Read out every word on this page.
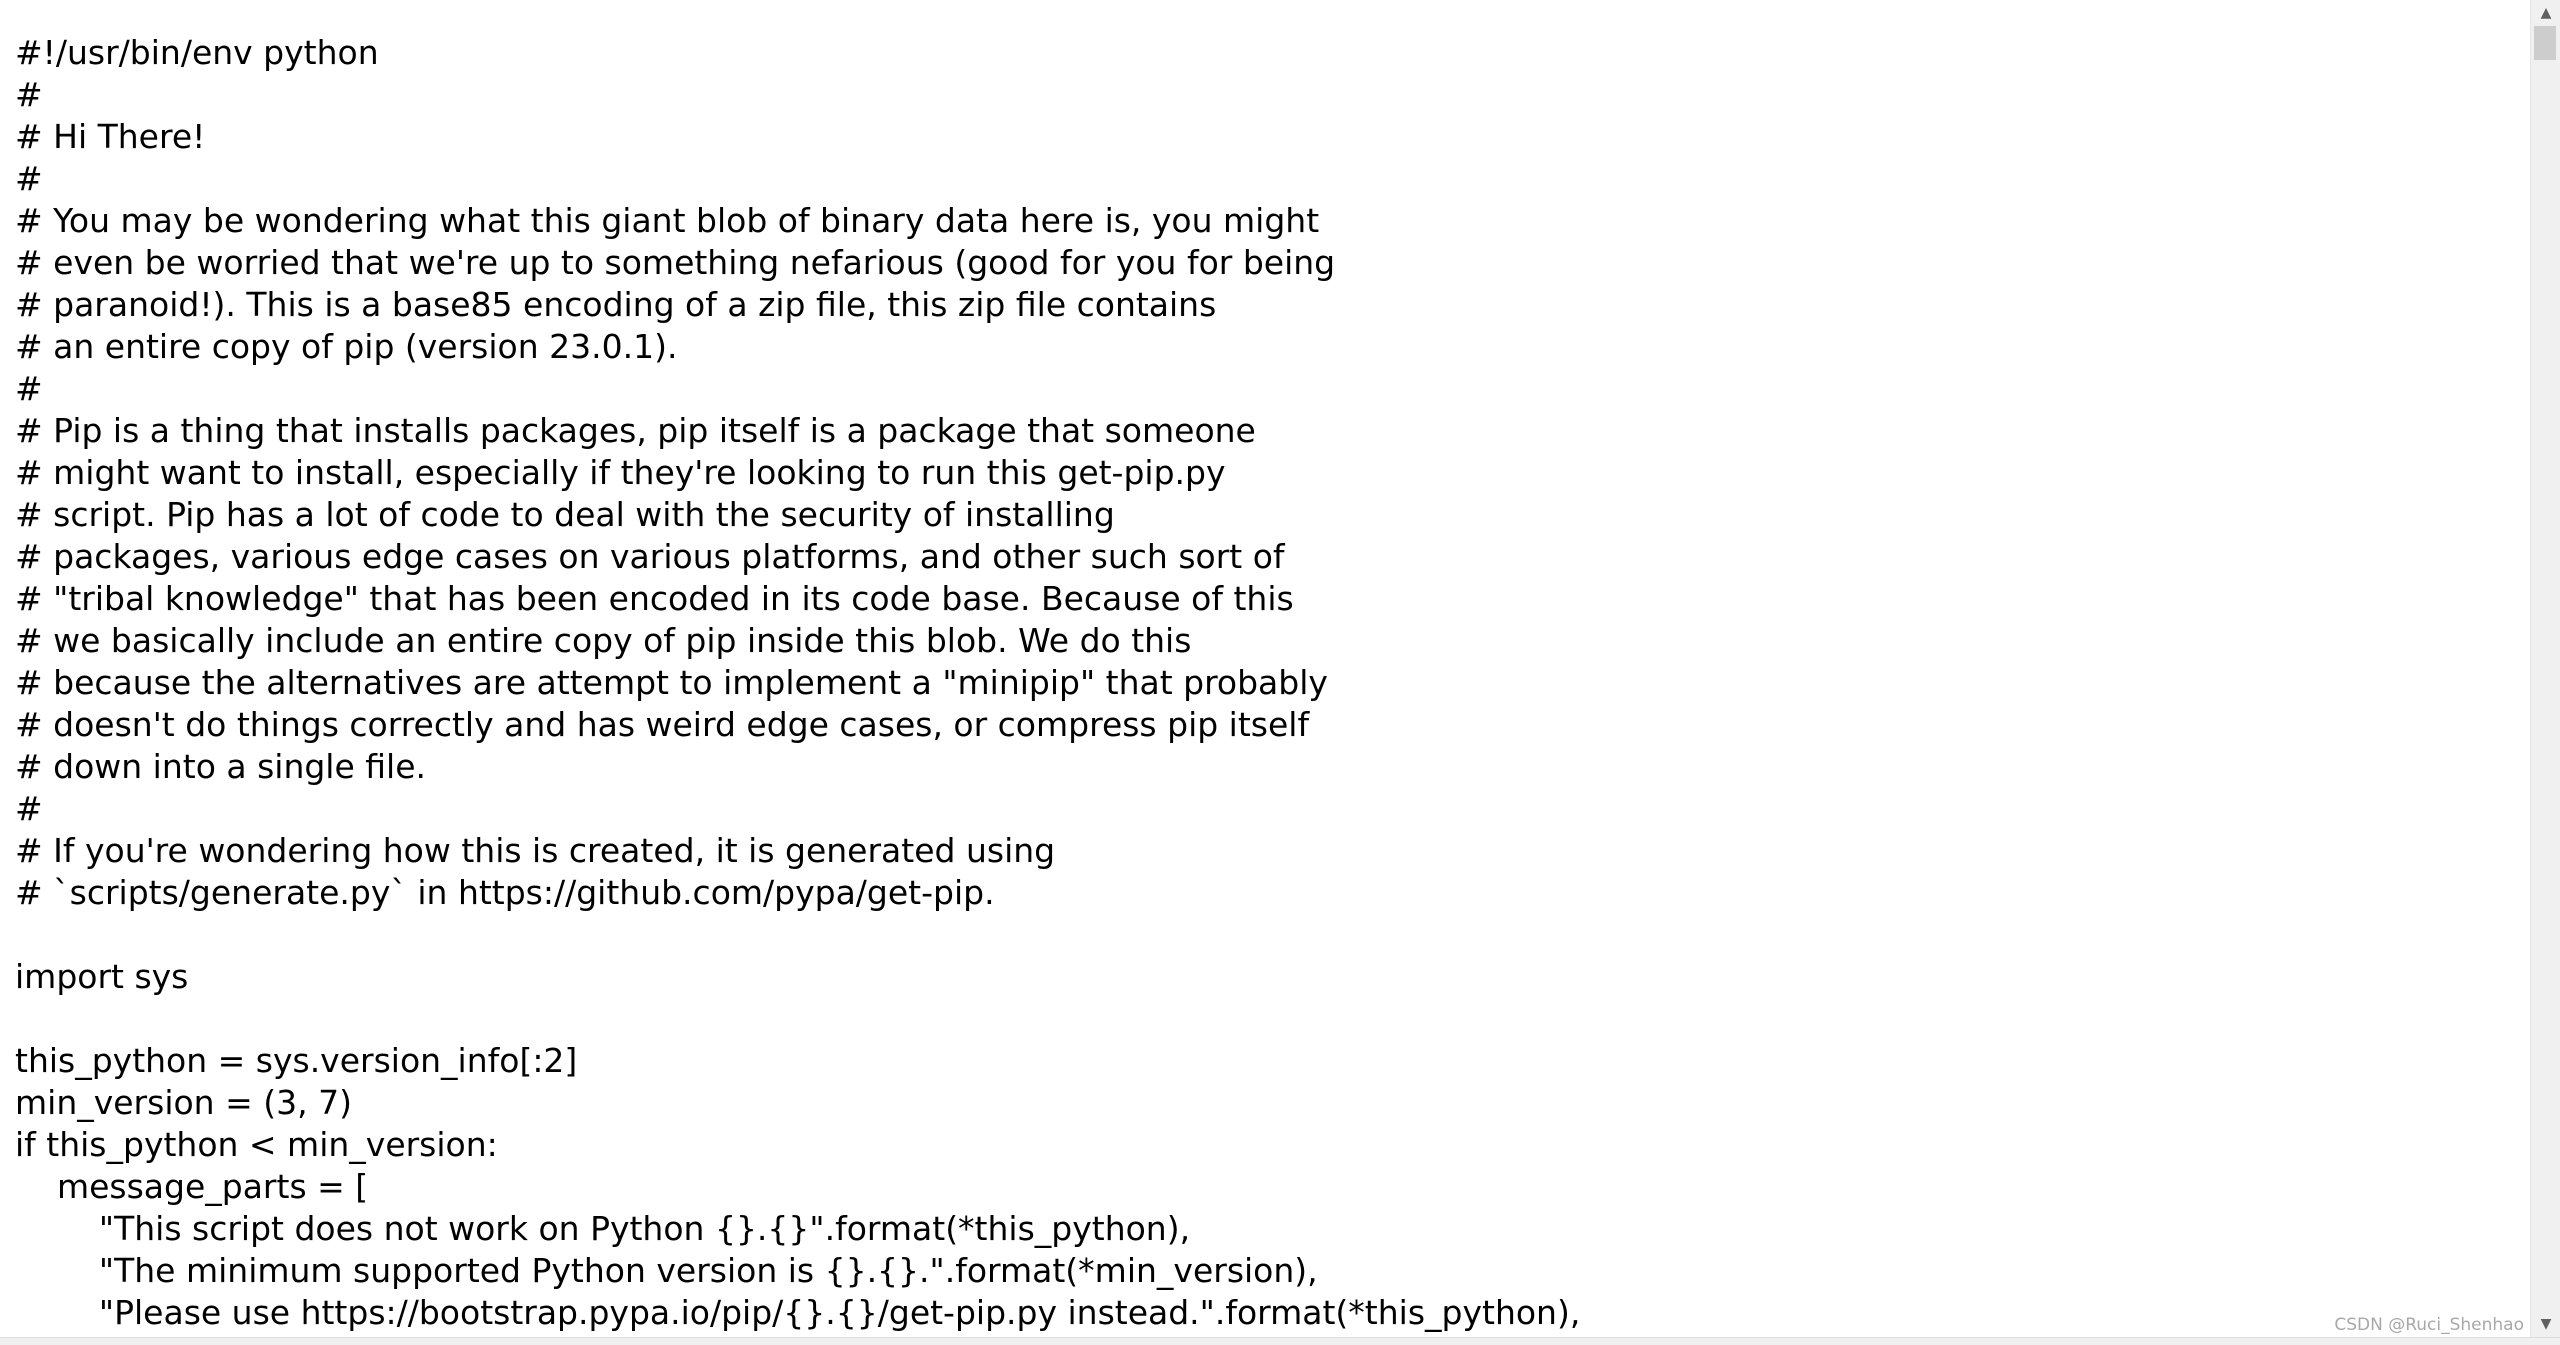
#!/usr/bin/env python
#
# Hi There!
#
# You may be wondering what this giant blob of binary data here is, you might
# even be worried that we're up to something nefarious (good for you for being
# paranoid!). This is a base85 encoding of a zip file, this zip file contains
# an entire copy of pip (version 23.0.1).
#
# Pip is a thing that installs packages, pip itself is a package that someone
# might want to install, especially if they're looking to run this get-pip.py
# script. Pip has a lot of code to deal with the security of installing
# packages, various edge cases on various platforms, and other such sort of
# "tribal knowledge" that has been encoded in its code base. Because of this
# we basically include an entire copy of pip inside this blob. We do this
# because the alternatives are attempt to implement a "minipip" that probably
# doesn't do things correctly and has weird edge cases, or compress pip itself
# down into a single file.
#
# If you're wondering how this is created, it is generated using
# `scripts/generate.py` in https://github.com/pypa/get-pip.
import sys
this_python = sys.version_info[:2]
min_version = (3, 7)
if this_python < min_version:
message_parts = [
"This script does not work on Python {}.{}".format(*this_python),
"The minimum supported Python version is {}.{}.".format(*min_version),
"Please use https://bootstrap.pypa.io/pip/{}.{}/get-pip.py instead.".format(*this_python),
▲
▼
CSDN @Ruci_Shenhao
